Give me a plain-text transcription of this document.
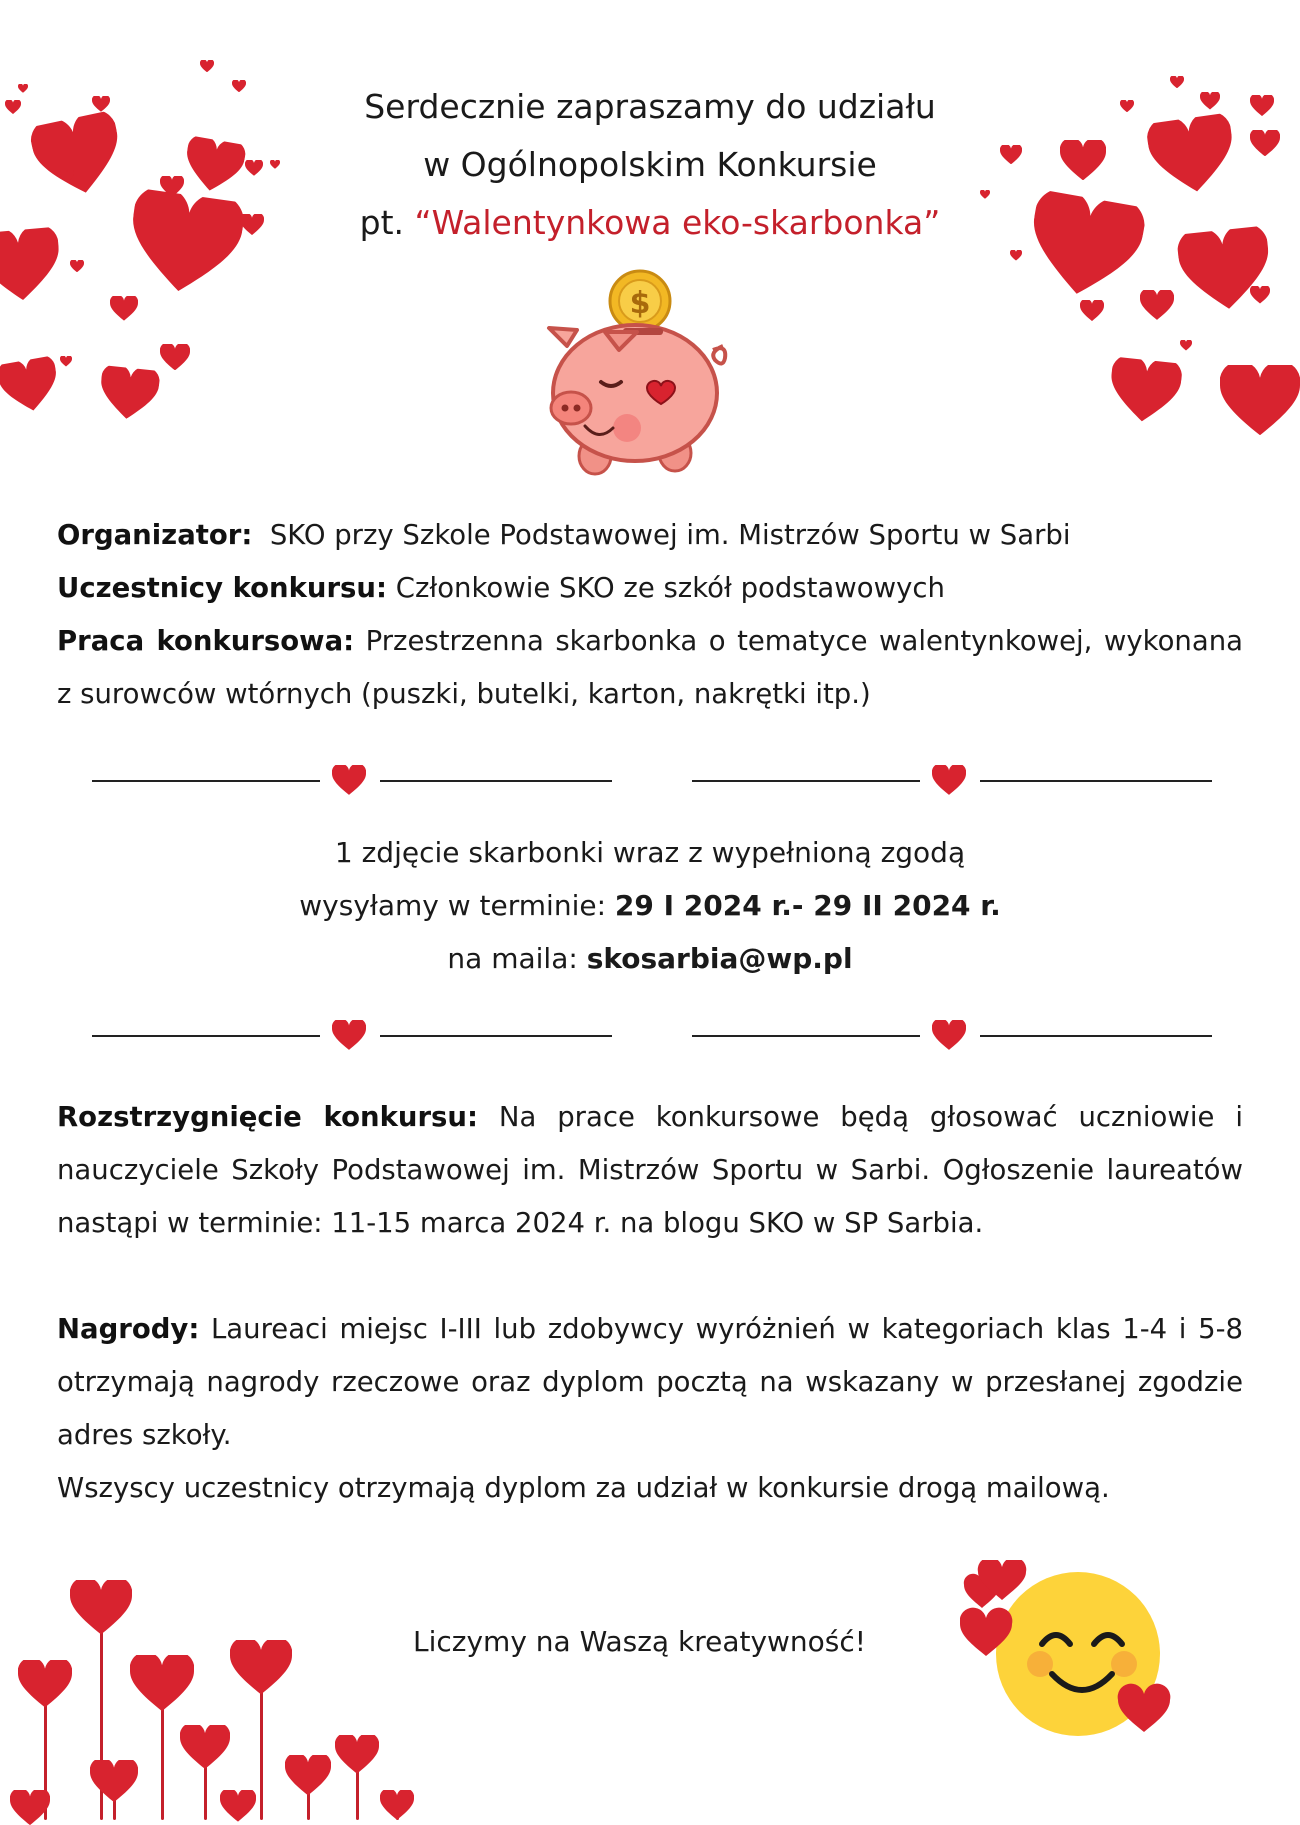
Serdecznie zapraszamy do udziału
w Ogólnopolskim Konkursie
pt. “Walentynkowa eko-skarbonka”
$
Organizator:  SKO przy Szkole Podstawowej im. Mistrzów Sportu w Sarbi
Uczestnicy konkursu: Członkowie SKO ze szkół podstawowych
Praca konkursowa: Przestrzenna skarbonka o tematyce walentynkowej, wykonana z surowców wtórnych (puszki, butelki, karton, nakrętki itp.)
1 zdjęcie skarbonki wraz z wypełnioną zgodą
wysyłamy w terminie: 29 I 2024 r.- 29 II 2024 r.
na maila: skosarbia@wp.pl
Rozstrzygnięcie konkursu: Na prace konkursowe będą głosować uczniowie i nauczyciele Szkoły Podstawowej im. Mistrzów Sportu w Sarbi. Ogłoszenie laureatów nastąpi w terminie: 11-15 marca 2024 r. na blogu SKO w SP Sarbia.
Nagrody: Laureaci miejsc I-III lub zdobywcy wyróżnień w kategoriach klas 1-4 i 5-8 otrzymają nagrody rzeczowe oraz dyplom pocztą na wskazany w przesłanej zgodzie adres szkoły.
Wszyscy uczestnicy otrzymają dyplom za udział w konkursie drogą mailową.
Liczymy na Waszą kreatywność!
